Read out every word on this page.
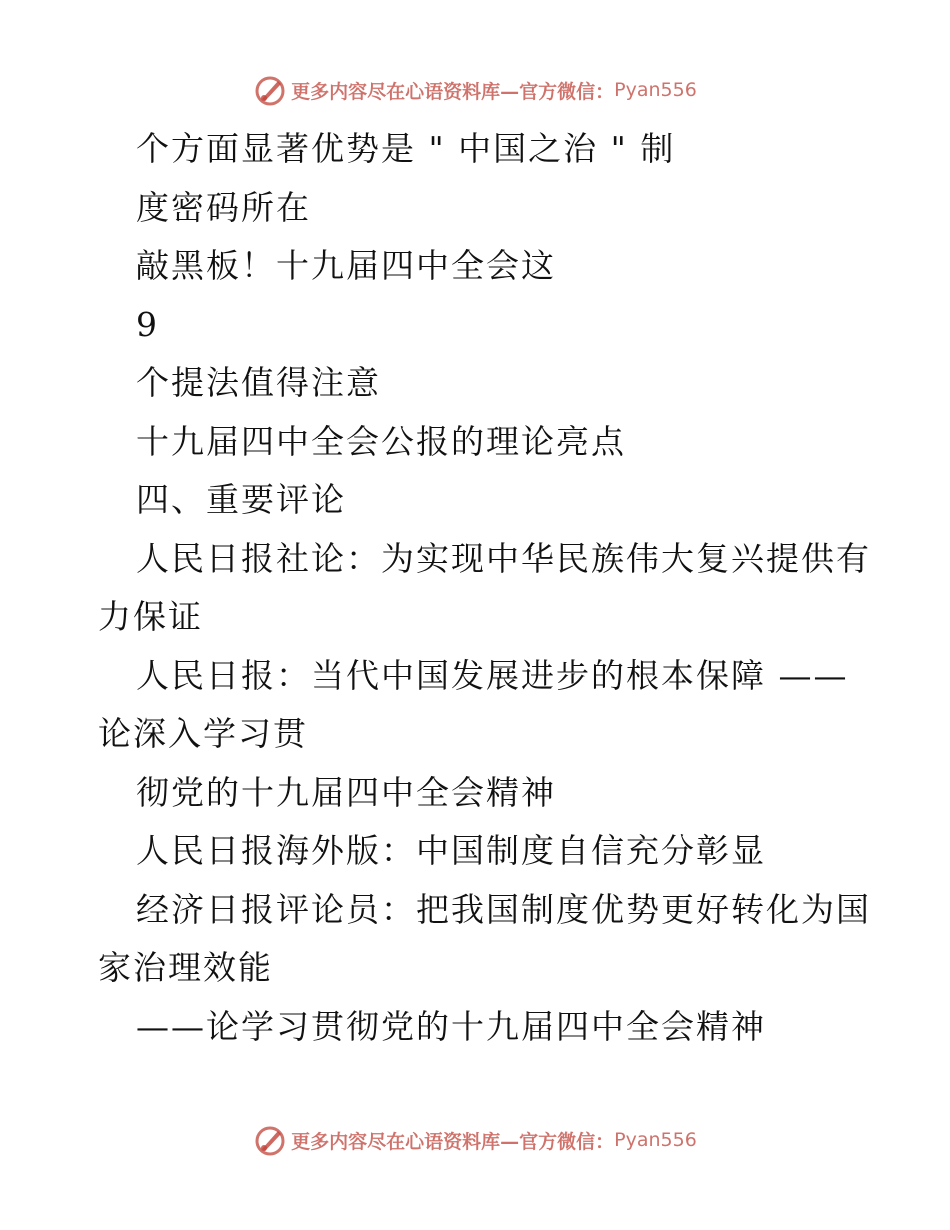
更多内容尽在心语资料库—官方微信： Pyan556

个方面显著优势是 " 中国之治 " 制

度密码所在

敲黑板！十九届四中全会这

9

个提法值得注意

十九届四中全会公报的理论亮点

四、重要评论

人民日报社论：为实现中华民族伟大复兴提供有

力保证

人民日报：当代中国发展进步的根本保障 ——

论深入学习贯

彻党的十九届四中全会精神

人民日报海外版：中国制度自信充分彰显

经济日报评论员：把我国制度优势更好转化为国

家治理效能

——论学习贯彻党的十九届四中全会精神

更多内容尽在心语资料库—官方微信： Pyan556
